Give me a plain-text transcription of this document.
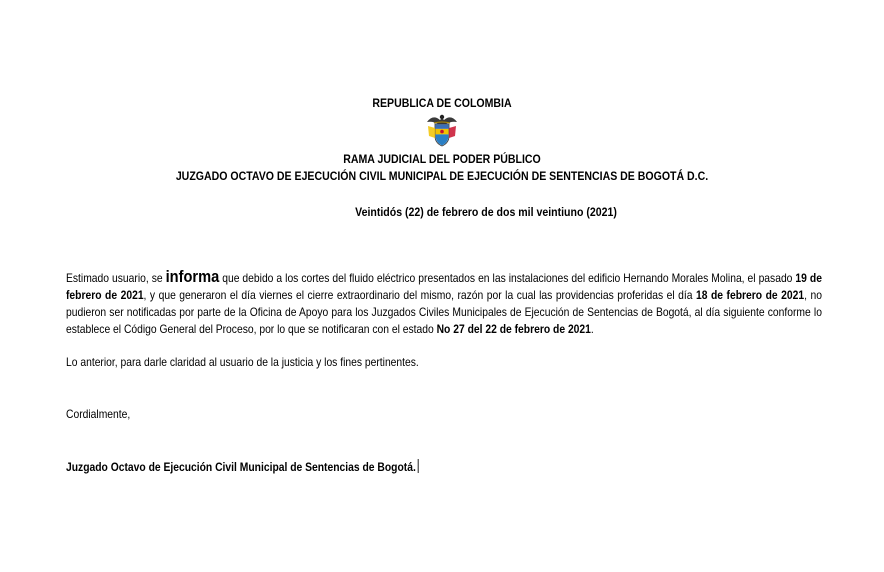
REPUBLICA DE COLOMBIA
RAMA JUDICIAL DEL PODER PÚBLICO
JUZGADO OCTAVO DE EJECUCIÓN CIVIL MUNICIPAL DE EJECUCIÓN DE SENTENCIAS DE BOGOTÁ D.C.
Veintidós (22) de febrero de dos mil veintiuno (2021)
Estimado usuario, se informa que debido a los cortes del fluido eléctrico presentados en las instalaciones del edificio Hernando Morales Molina, el pasado 19 de febrero de 2021, y que generaron el día viernes el cierre extraordinario del mismo, razón por la cual las providencias proferidas el día 18 de febrero de 2021, no pudieron ser notificadas por parte de la Oficina de Apoyo para los Juzgados Civiles Municipales de Ejecución de Sentencias de Bogotá, al día siguiente conforme lo establece el Código General del Proceso, por lo que se notificaran con el estado No 27 del 22 de febrero de 2021.
Lo anterior, para darle claridad al usuario de la justicia y los fines pertinentes.
Cordialmente,
Juzgado Octavo de Ejecución Civil Municipal de Sentencias de Bogotá.
